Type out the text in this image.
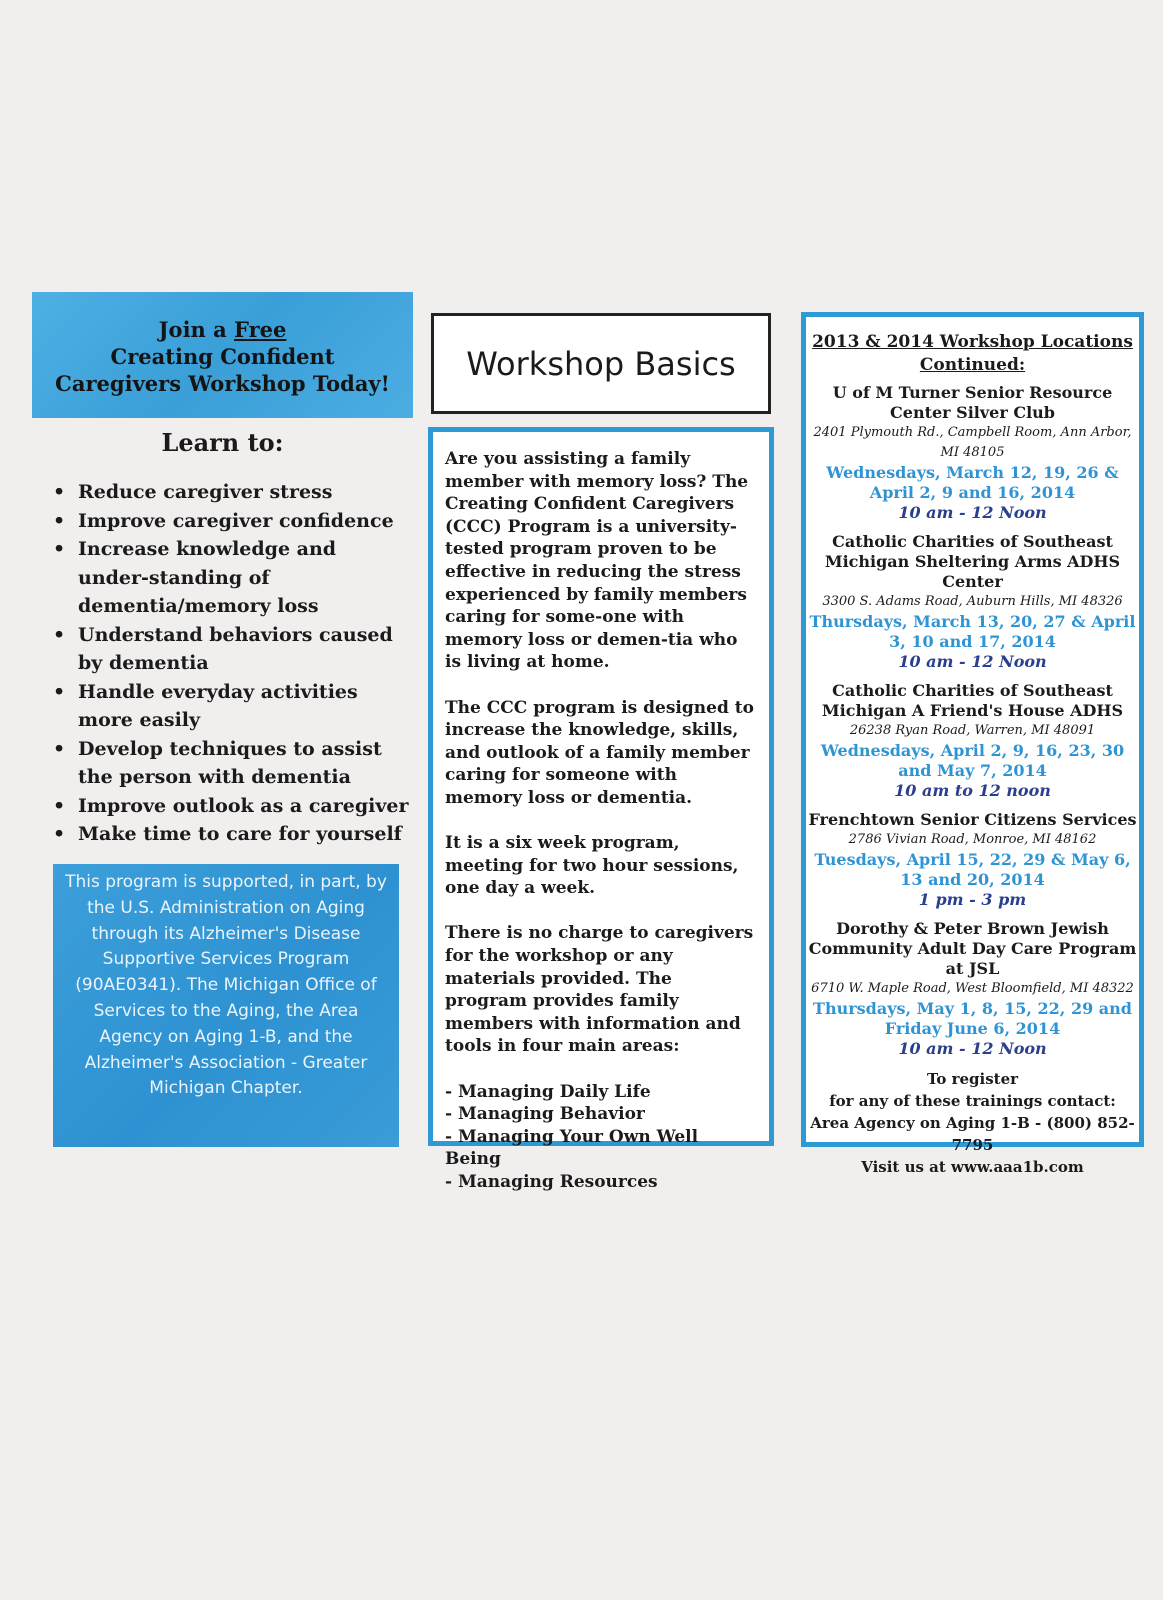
Join a Free
Creating Confident
Caregivers Workshop Today!
Learn to:
• Reduce caregiver stress
• Improve caregiver confidence
• Increase knowledge and under-standing of dementia/memory loss
• Understand behaviors caused by dementia
• Handle everyday activities more easily
• Develop techniques to assist the person with dementia
• Improve outlook as a caregiver
• Make time to care for yourself
This program is supported, in part, by the U.S. Administration on Aging through its Alzheimer's Disease Supportive Services Program (90AE0341). The Michigan Office of Services to the Aging, the Area Agency on Aging 1-B, and the Alzheimer's Association - Greater Michigan Chapter.
Workshop Basics

Are you assisting a family member with memory loss? The Creating Confident Caregivers (CCC) Program is a university-tested program proven to be effective in reducing the stress experienced by family members caring for some-one with memory loss or demen-tia who is living at home.

The CCC program is designed to increase the knowledge, skills, and outlook of a family member caring for someone with memory loss or dementia.

It is a six week program, meeting for two hour sessions, one day a week.

There is no charge to caregivers for the workshop or any materials provided. The program provides family members with information and tools in four main areas:

- Managing Daily Life
- Managing Behavior
- Managing Your Own Well Being
- Managing Resources
2013 & 2014 Workshop Locations Continued:
U of M Turner Senior Resource Center Silver Club
2401 Plymouth Rd., Campbell Room, Ann Arbor, MI 48105
Wednesdays, March 12, 19, 26 & April 2, 9 and 16, 2014
10 am - 12 Noon
Catholic Charities of Southeast Michigan Sheltering Arms ADHS Center
3300 S. Adams Road, Auburn Hills, MI 48326
Thursdays, March 13, 20, 27 & April 3, 10 and 17, 2014
10 am - 12 Noon
Catholic Charities of Southeast Michigan A Friend's House ADHS
26238 Ryan Road, Warren, MI 48091
Wednesdays, April 2, 9, 16, 23, 30 and May 7, 2014
10 am to 12 noon
Frenchtown Senior Citizens Services
2786 Vivian Road, Monroe, MI 48162
Tuesdays, April 15, 22, 29 & May 6, 13 and 20, 2014
1 pm - 3 pm
Dorothy & Peter Brown Jewish Community Adult Day Care Program at JSL
6710 W. Maple Road, West Bloomfield, MI 48322
Thursdays, May 1, 8, 15, 22, 29 and Friday June 6, 2014
10 am - 12 Noon
To register
for any of these trainings contact:
Area Agency on Aging 1-B - (800) 852-7795
Visit us at www.aaa1b.com
